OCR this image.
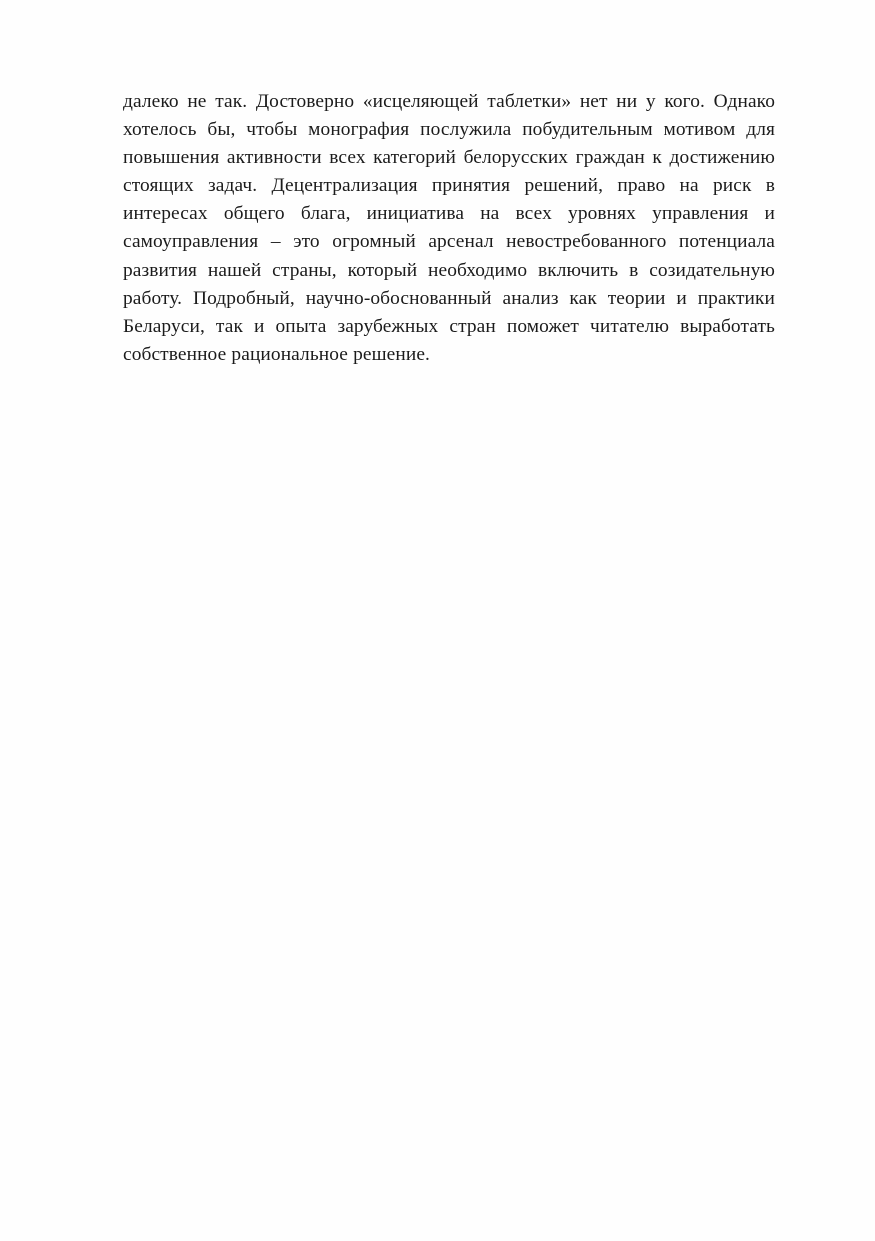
далеко не так. Достоверно «исцеляющей таблетки» нет ни у кого. Однако хотелось бы, чтобы монография послужила побудительным мотивом для повышения активности всех категорий белорусских граждан к достижению стоящих задач. Децентрализация принятия решений, право на риск в интересах общего блага, инициатива на всех уровнях управления и самоуправления – это огромный арсенал невостребованного потенциала развития нашей страны, который необходимо включить в созидательную работу. Подробный, научно-обоснованный анализ как теории и практики Беларуси, так и опыта зарубежных стран поможет читателю выработать собственное рациональное решение.
